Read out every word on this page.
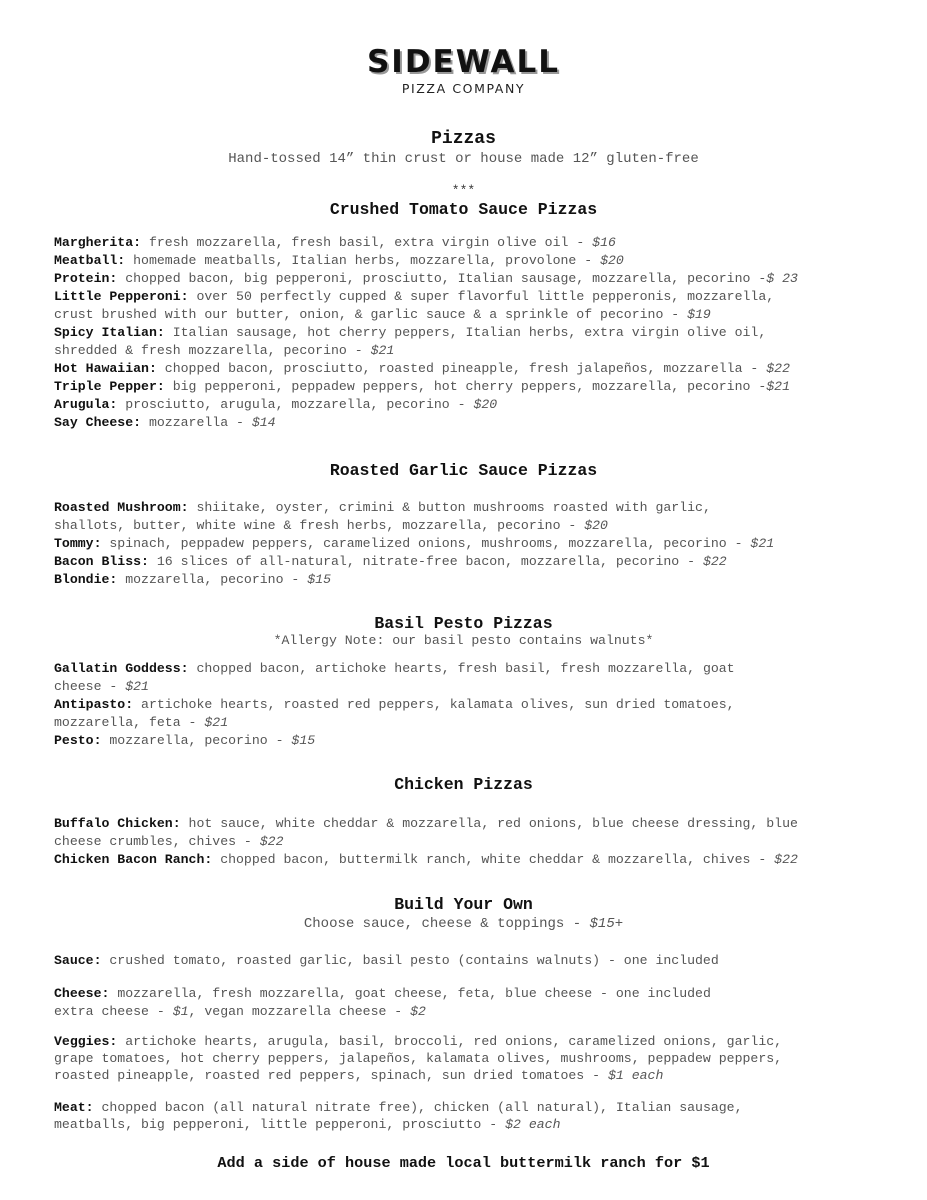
SIDEWALL
PIZZA COMPANY
Pizzas
Hand-tossed 14” thin crust or house made 12” gluten-free
***
Crushed Tomato Sauce Pizzas
Margherita: fresh mozzarella, fresh basil, extra virgin olive oil - $16
Meatball: homemade meatballs, Italian herbs, mozzarella, provolone - $20
Protein: chopped bacon, big pepperoni, prosciutto, Italian sausage, mozzarella, pecorino -$ 23
Little Pepperoni: over 50 perfectly cupped & super flavorful little pepperonis, mozzarella,
crust brushed with our butter, onion, & garlic sauce & a sprinkle of pecorino - $19
Spicy Italian: Italian sausage, hot cherry peppers, Italian herbs, extra virgin olive oil,
shredded & fresh mozzarella, pecorino - $21
Hot Hawaiian: chopped bacon, prosciutto, roasted pineapple, fresh jalapeños, mozzarella - $22
Triple Pepper: big pepperoni, peppadew peppers, hot cherry peppers, mozzarella, pecorino -$21
Arugula: prosciutto, arugula, mozzarella, pecorino - $20
Say Cheese: mozzarella - $14
Roasted Garlic Sauce Pizzas
Roasted Mushroom: shiitake, oyster, crimini & button mushrooms roasted with garlic,
shallots, butter, white wine & fresh herbs, mozzarella, pecorino - $20
Tommy: spinach, peppadew peppers, caramelized onions, mushrooms, mozzarella, pecorino - $21
Bacon Bliss: 16 slices of all-natural, nitrate-free bacon, mozzarella, pecorino - $22
Blondie: mozzarella, pecorino - $15
Basil Pesto Pizzas
*Allergy Note: our basil pesto contains walnuts*
Gallatin Goddess: chopped bacon, artichoke hearts, fresh basil, fresh mozzarella, goat
cheese - $21
Antipasto: artichoke hearts, roasted red peppers, kalamata olives, sun dried tomatoes,
mozzarella, feta - $21
Pesto: mozzarella, pecorino - $15
Chicken Pizzas
Buffalo Chicken: hot sauce, white cheddar & mozzarella, red onions, blue cheese dressing, blue
cheese crumbles, chives - $22
Chicken Bacon Ranch: chopped bacon, buttermilk ranch, white cheddar & mozzarella, chives - $22
Build Your Own
Choose sauce, cheese & toppings - $15+
Sauce: crushed tomato, roasted garlic, basil pesto (contains walnuts) - one included
Cheese: mozzarella, fresh mozzarella, goat cheese, feta, blue cheese - one included
extra cheese - $1, vegan mozzarella cheese - $2
Veggies: artichoke hearts, arugula, basil, broccoli, red onions, caramelized onions, garlic,
grape tomatoes, hot cherry peppers, jalapeños, kalamata olives, mushrooms, peppadew peppers,
roasted pineapple, roasted red peppers, spinach, sun dried tomatoes - $1 each
Meat: chopped bacon (all natural nitrate free), chicken (all natural), Italian sausage,
meatballs, big pepperoni, little pepperoni, prosciutto - $2 each
Add a side of house made local buttermilk ranch for $1
